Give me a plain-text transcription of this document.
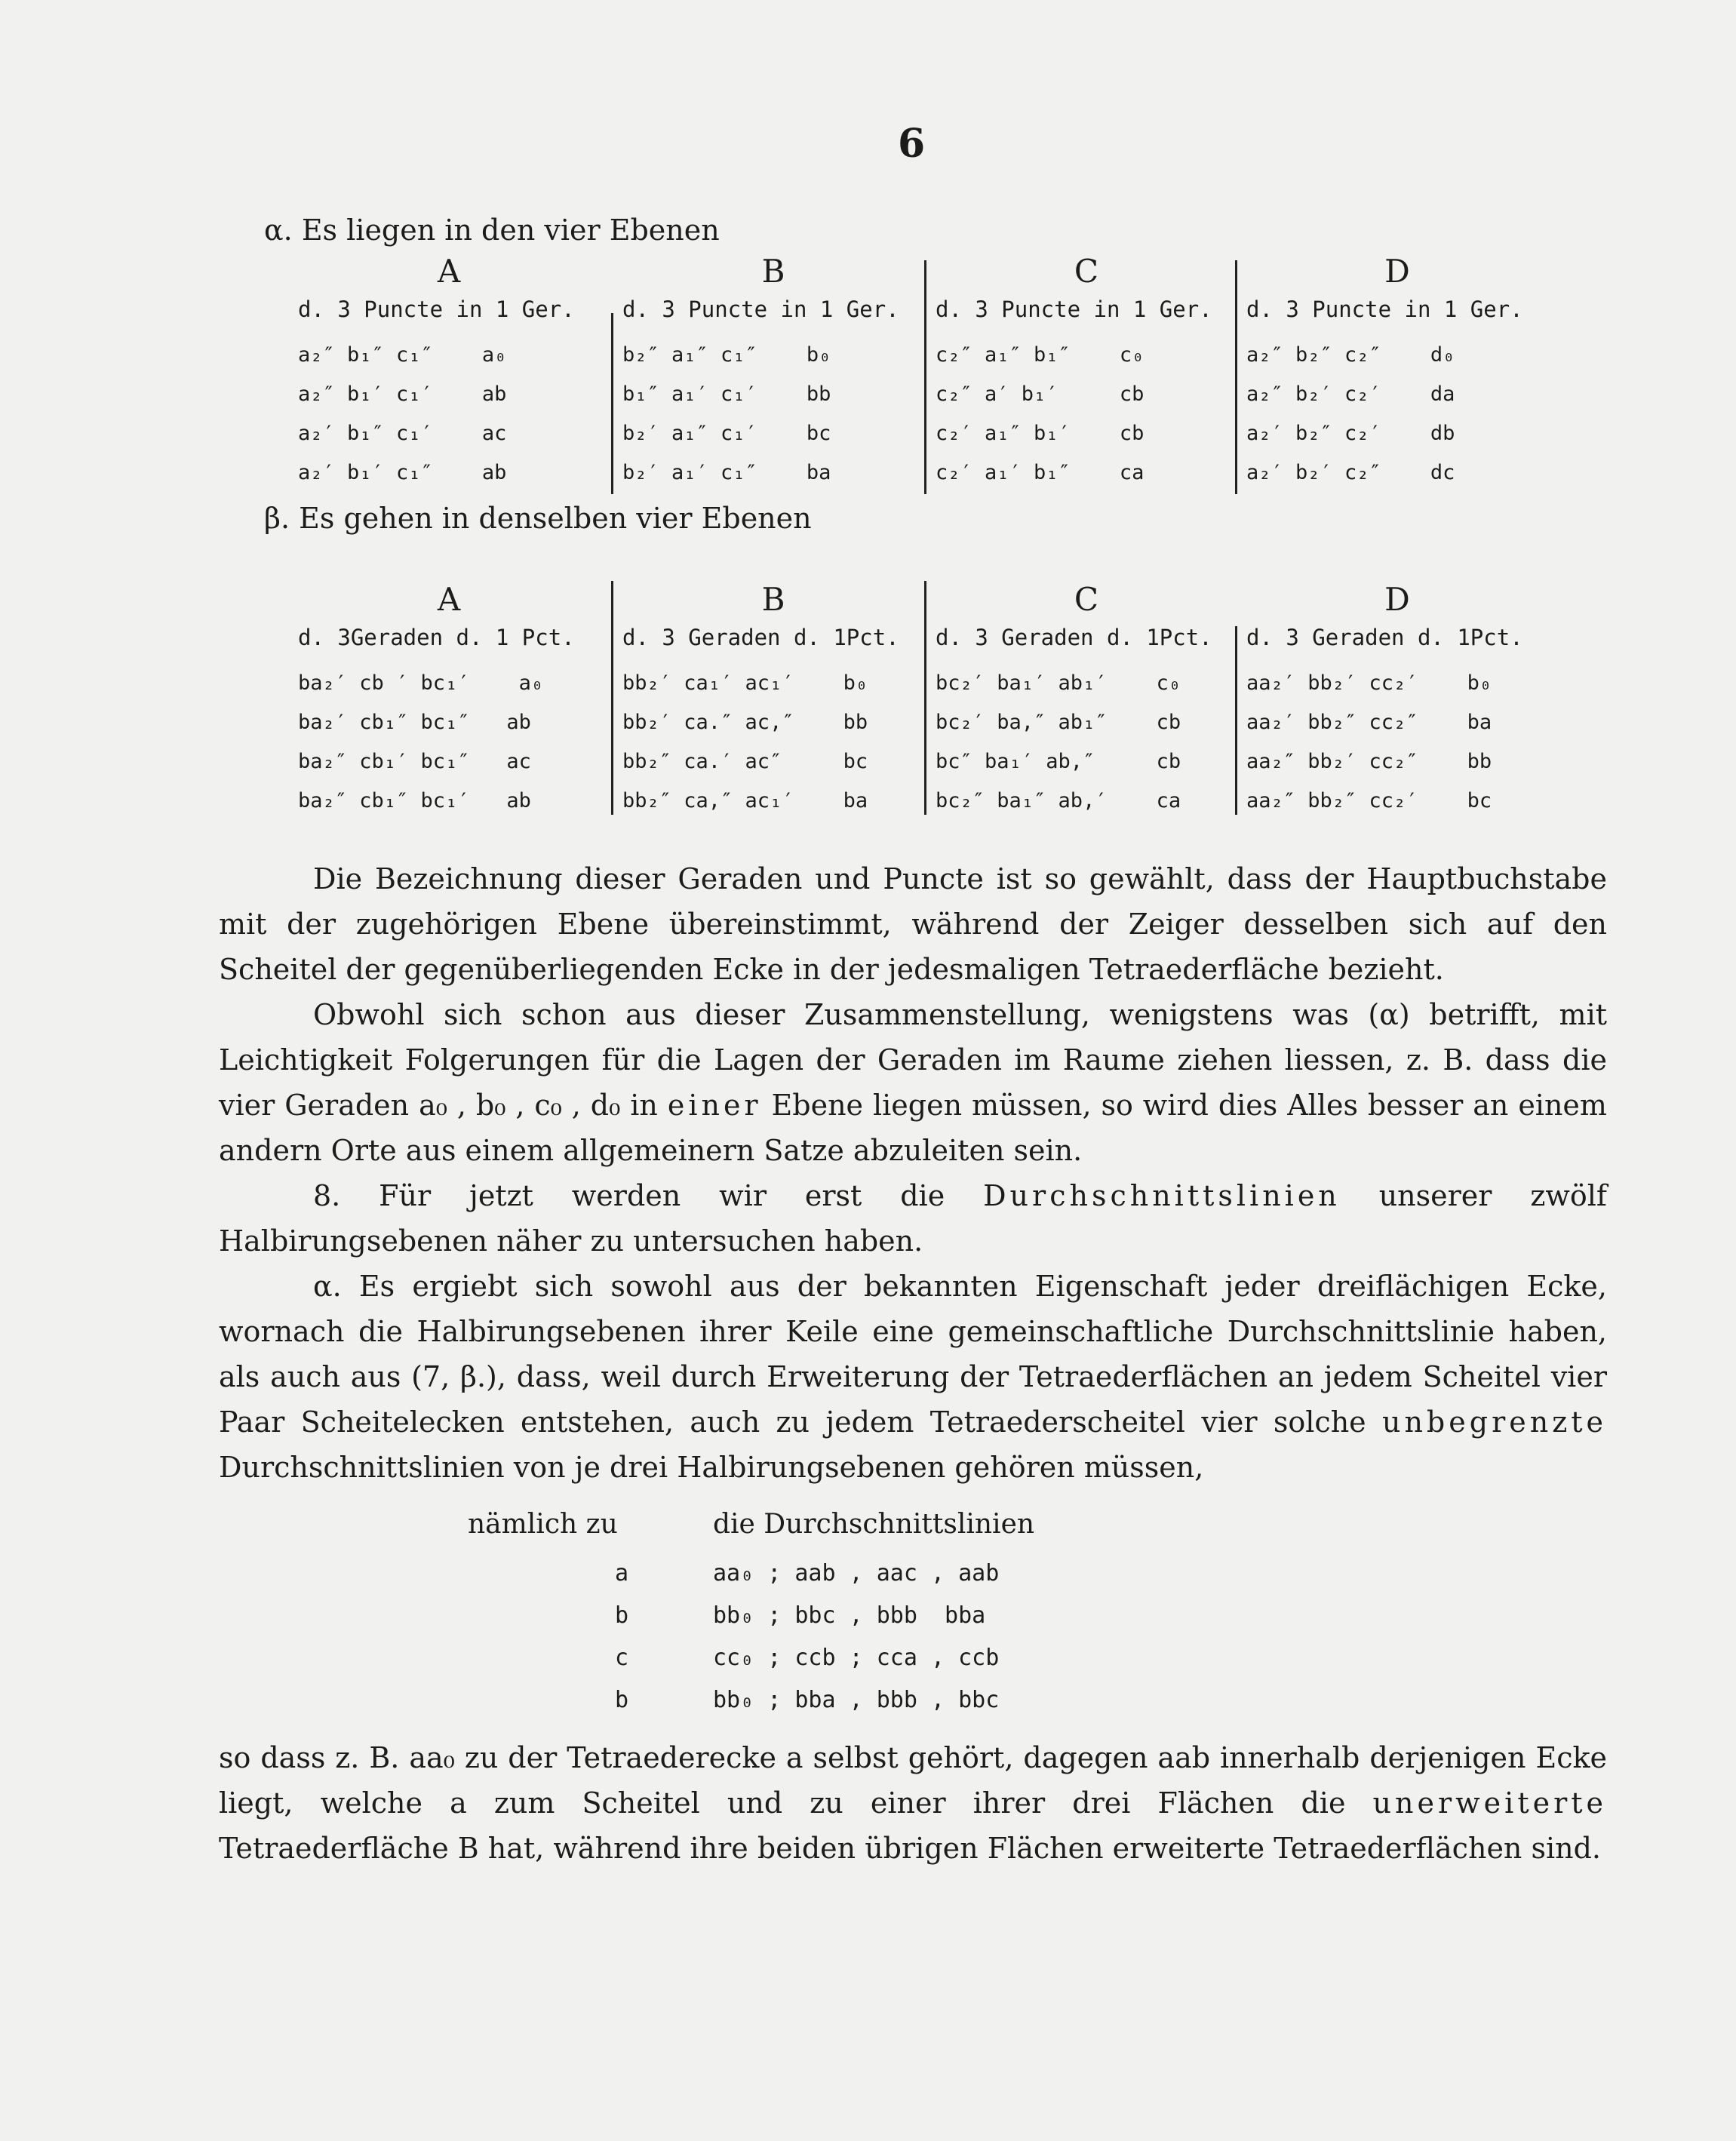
6
α. Es liegen in den vier Ebenen
A
d. 3 Puncte in 1 Ger.
a₂″ b₁″ c₁″    a₀
a₂″ b₁′ c₁′    ab
a₂′ b₁″ c₁′    ac
a₂′ b₁′ c₁″    ab
B
d. 3 Puncte in 1 Ger.
b₂″ a₁″ c₁″    b₀
b₁″ a₁′ c₁′    bb
b₂′ a₁″ c₁′    bc
b₂′ a₁′ c₁″    ba
C
d. 3 Puncte in 1 Ger.
c₂″ a₁″ b₁″    c₀
c₂″ a′ b₁′     cb
c₂′ a₁″ b₁′    cb
c₂′ a₁′ b₁″    ca
D
d. 3 Puncte in 1 Ger.
a₂″ b₂″ c₂″    d₀
a₂″ b₂′ c₂′    da
a₂′ b₂″ c₂′    db
a₂′ b₂′ c₂″    dc
β. Es gehen in denselben vier Ebenen
A
d. 3Geraden d. 1 Pct.
ba₂′ cb ′ bc₁′    a₀
ba₂′ cb₁″ bc₁″   ab
ba₂″ cb₁′ bc₁″   ac
ba₂″ cb₁″ bc₁′   ab
B
d. 3 Geraden d. 1Pct.
bb₂′ ca₁′ ac₁′    b₀
bb₂′ ca.″ ac,″    bb
bb₂″ ca.′ ac″     bc
bb₂″ ca,″ ac₁′    ba
C
d. 3 Geraden d. 1Pct.
bc₂′ ba₁′ ab₁′    c₀
bc₂′ ba,″ ab₁″    cb
bc″ ba₁′ ab,″     cb
bc₂″ ba₁″ ab,′    ca
D
d. 3 Geraden d. 1Pct.
aa₂′ bb₂′ cc₂′    b₀
aa₂′ bb₂″ cc₂″    ba
aa₂″ bb₂′ cc₂″    bb
aa₂″ bb₂″ cc₂′    bc
Die Bezeichnung dieser Geraden und Puncte ist so gewählt, dass der Hauptbuchstabe mit der zugehörigen Ebene übereinstimmt, während der Zeiger desselben sich auf den Scheitel der gegenüberliegenden Ecke in der jedesmaligen Tetraederfläche bezieht.
Obwohl sich schon aus dieser Zusammenstellung, wenigstens was (α) betrifft, mit Leichtigkeit Folgerungen für die Lagen der Geraden im Raume ziehen liessen, z. B. dass die vier Geraden a₀ , b₀ , c₀ , d₀ in einer Ebene liegen müssen, so wird dies Alles besser an einem andern Orte aus einem allgemeinern Satze abzuleiten sein.
8. Für jetzt werden wir erst die Durchschnittslinien unserer zwölf Halbirungsebenen näher zu untersuchen haben.
α. Es ergiebt sich sowohl aus der bekannten Eigenschaft jeder dreiflächigen Ecke, wornach die Halbirungsebenen ihrer Keile eine gemeinschaftliche Durchschnittslinie haben, als auch aus (7, β.), dass, weil durch Erweiterung der Tetraederflächen an jedem Scheitel vier Paar Scheitelecken entstehen, auch zu jedem Tetraederscheitel vier solche unbegrenzte Durchschnittslinien von je drei Halbirungsebenen gehören müssen,
nämlich zu	die Durchschnittslinien
a	aa₀ ; aab , aac , aab
b	bb₀ ; bbc , bbb  bba
c	cc₀ ; ccb ; cca , ccb
b	bb₀ ; bba , bbb , bbc
so dass z. B. aa₀ zu der Tetraederecke a selbst gehört, dagegen aab innerhalb derjenigen Ecke liegt, welche a zum Scheitel und zu einer ihrer drei Flächen die unerweiterte Tetraederfläche B hat, während ihre beiden übrigen Flächen erweiterte Tetraederflächen sind.
